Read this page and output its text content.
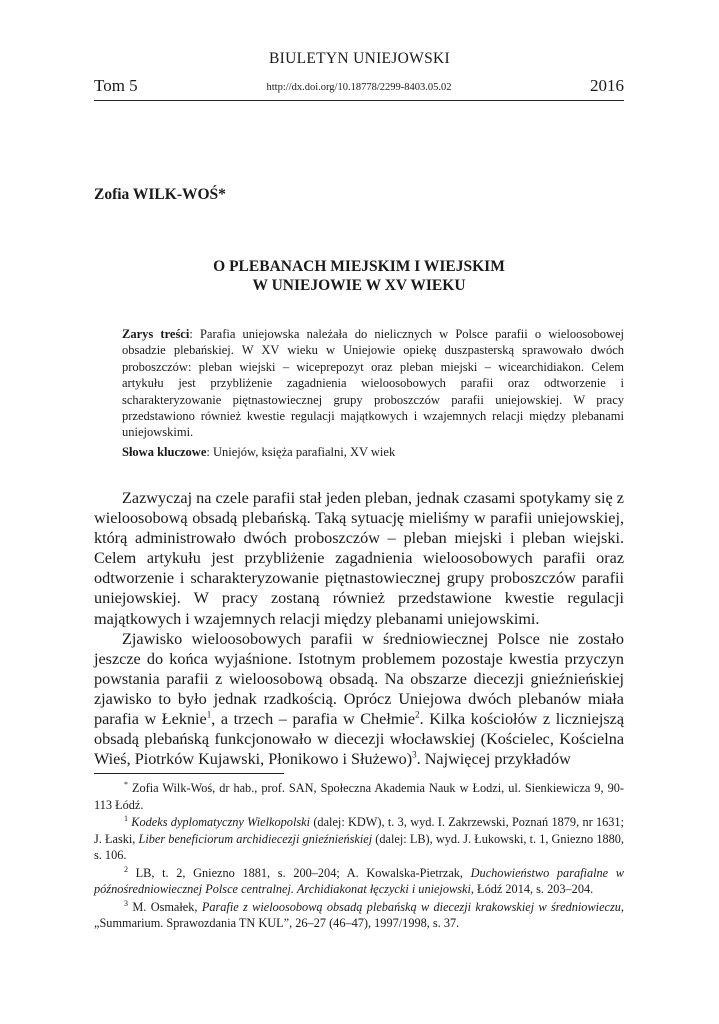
BIULETYN UNIEJOWSKI
Tom 5	http://dx.doi.org/10.18778/2299-8403.05.02	2016
Zofia WILK-WOŚ*
O PLEBANACH MIEJSKIM I WIEJSKIM
W UNIEJOWIE W XV WIEKU

Zarys treści: Parafia uniejowska należała do nielicznych w Polsce parafii o wieloosobowej obsadzie plebańskiej. W XV wieku w Uniejowie opiekę duszpasterską sprawowało dwóch proboszczów: pleban wiejski – wiceprepozyt oraz pleban miejski – wicearchidiakon. Celem artykułu jest przybliżenie zagadnienia wieloosobowych parafii oraz odtworzenie i scharakteryzowanie piętnastowiecznej grupy proboszczów parafii uniejowskiej. W pracy przedstawiono również kwestie regulacji majątkowych i wzajemnych relacji między plebanami uniejowskimi.

Słowa kluczowe: Uniejów, księża parafialni, XV wiek

Zazwyczaj na czele parafii stał jeden pleban, jednak czasami spotykamy się z wieloosobową obsadą plebańską. Taką sytuację mieliśmy w parafii uniejowskiej, którą administrowało dwóch proboszczów – pleban miejski i pleban wiejski. Celem artykułu jest przybliżenie zagadnienia wieloosobowych parafii oraz odtworzenie i scharakteryzowanie piętnastowiecznej grupy proboszczów parafii uniejowskiej. W pracy zostaną również przedstawione kwestie regulacji majątkowych i wzajemnych relacji między plebanami uniejowskimi.

Zjawisko wieloosobowych parafii w średniowiecznej Polsce nie zostało jeszcze do końca wyjaśnione. Istotnym problemem pozostaje kwestia przyczyn powstania parafii z wieloosobową obsadą. Na obszarze diecezji gnieźnieńskiej zjawisko to było jednak rzadkością. Oprócz Uniejowa dwóch plebanów miała parafia w Łeknie$^1$, a trzech – parafia w Chełmie$^2$. Kilka kościołów z liczniejszą obsadą plebańską funkcjonowało w diecezji włocławskiej (Kościelec, Kościelna Wieś, Piotrków Kujawski, Płonikowo i Służewo)$^3$. Najwięcej przykładów

* Zofia Wilk-Woś, dr hab., prof. SAN, Społeczna Akademia Nauk w Łodzi, ul. Sienkiewicza 9, 90-113 Łódź.

$^1$ Kodeks dyplomatyczny Wielkopolski (dalej: KDW), t. 3, wyd. I. Zakrzewski, Poznań 1879, nr 1631; J. Łaski, Liber beneficiorum archidiecezji gnieźnieńskiej (dalej: LB), wyd. J. Łukowski, t. 1, Gniezno 1880, s. 106.

$^2$ LB, t. 2, Gniezno 1881, s. 200–204; A. Kowalska-Pietrzak, Duchowieństwo parafialne w późnośredniowiecznej Polsce centralnej. Archidiakonat łęczycki i uniejowski, Łódź 2014, s. 203–204.

$^3$ M. Osmałek, Parafie z wieloosobową obsadą plebańską w diecezji krakowskiej w średniowieczu, „Summarium. Sprawozdania TN KUL”, 26–27 (46–47), 1997/1998, s. 37.
